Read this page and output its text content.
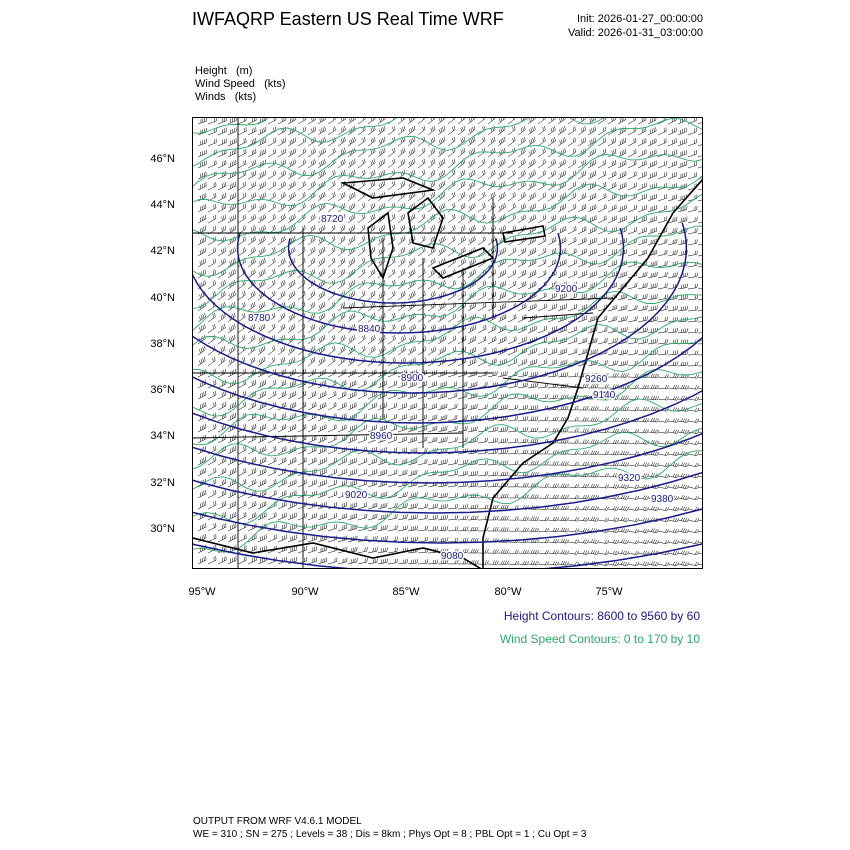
IWFAQRP Eastern US Real Time WRF	Init: 2026-01-27_00:00:00
Valid: 2026-01-31_03:00:00
Height (m)
Wind Speed (kts)
Winds (kts)
8720
8780
8840
8900
8960
9020
9080
9140
9200
9260
9320
9380
46°N
44°N
42°N
40°N
38°N
36°N
34°N
32°N
30°N
95°W	90°W	85°W	80°W	75°W
Height Contours: 8600 to 9560 by 60
Wind Speed Contours: 0 to 170 by 10
OUTPUT FROM WRF V4.6.1 MODEL
WE = 310 ; SN = 275 ; Levels = 38 ; Dis = 8km ; Phys Opt = 8 ; PBL Opt = 1 ; Cu Opt = 3
